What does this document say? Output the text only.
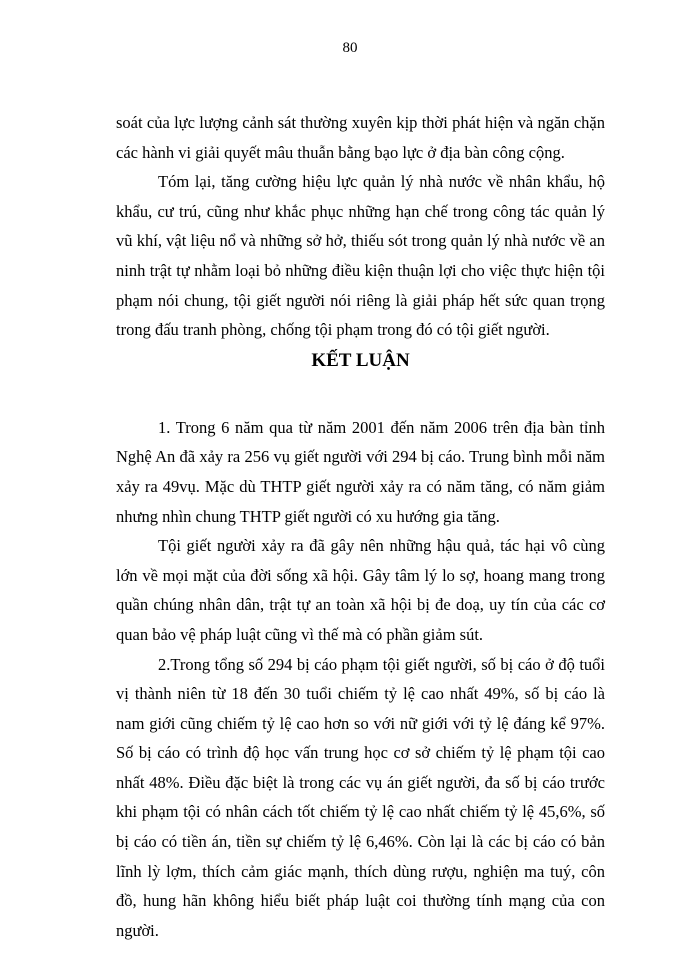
80

soát của lực lượng cảnh sát thường xuyên kịp thời phát hiện và ngăn chặn các hành vi giải quyết mâu thuẫn bằng bạo lực ở địa bàn công cộng.

Tóm lại, tăng cường hiệu lực quản lý nhà nước về nhân khẩu, hộ khẩu, cư trú, cũng như khắc phục những hạn chế trong công tác quản lý vũ khí, vật liệu nổ và những sở hở, thiếu sót trong quản lý nhà nước về an ninh trật tự nhằm loại bỏ những điều kiện thuận lợi cho việc thực hiện tội phạm nói chung, tội giết người nói riêng là giải pháp hết sức quan trọng trong đấu tranh phòng, chống tội phạm trong đó có tội giết người.

KẾT LUẬN

1. Trong 6 năm qua từ năm 2001 đến năm 2006 trên địa bàn tỉnh Nghệ An đã xảy ra 256 vụ giết người với 294 bị cáo. Trung bình mỗi năm xảy ra 49vụ. Mặc dù THTP giết người xảy ra có năm tăng, có năm giảm nhưng nhìn chung THTP giết người có xu hướng gia tăng.

Tội giết người xảy ra đã gây nên những hậu quả, tác hại vô cùng lớn về mọi mặt của đời sống xã hội. Gây tâm lý lo sợ, hoang mang trong quần chúng nhân dân, trật tự an toàn xã hội bị đe doạ, uy tín của các cơ quan bảo vệ pháp luật cũng vì thế mà có phần giảm sút.

2.Trong tổng số 294 bị cáo phạm tội giết người, số bị cáo ở độ tuổi vị thành niên từ 18 đến 30 tuổi chiếm tỷ lệ cao nhất 49%, số bị cáo là nam giới cũng chiếm tỷ lệ cao hơn so với nữ giới với tỷ lệ đáng kể 97%. Số bị cáo có trình độ học vấn trung học cơ sở chiếm tỷ lệ phạm tội cao nhất 48%. Điều đặc biệt là trong các vụ án giết người, đa số bị cáo trước khi phạm tội có nhân cách tốt chiếm tỷ lệ cao nhất chiếm tỷ lệ 45,6%, số bị cáo có tiền án, tiền sự chiếm tỷ lệ 6,46%. Còn lại là các bị cáo có bản lĩnh lỳ lợm, thích cảm giác mạnh, thích dùng rượu, nghiện ma tuý, côn đồ, hung hãn không hiểu biết pháp luật coi thường tính mạng của con người.
